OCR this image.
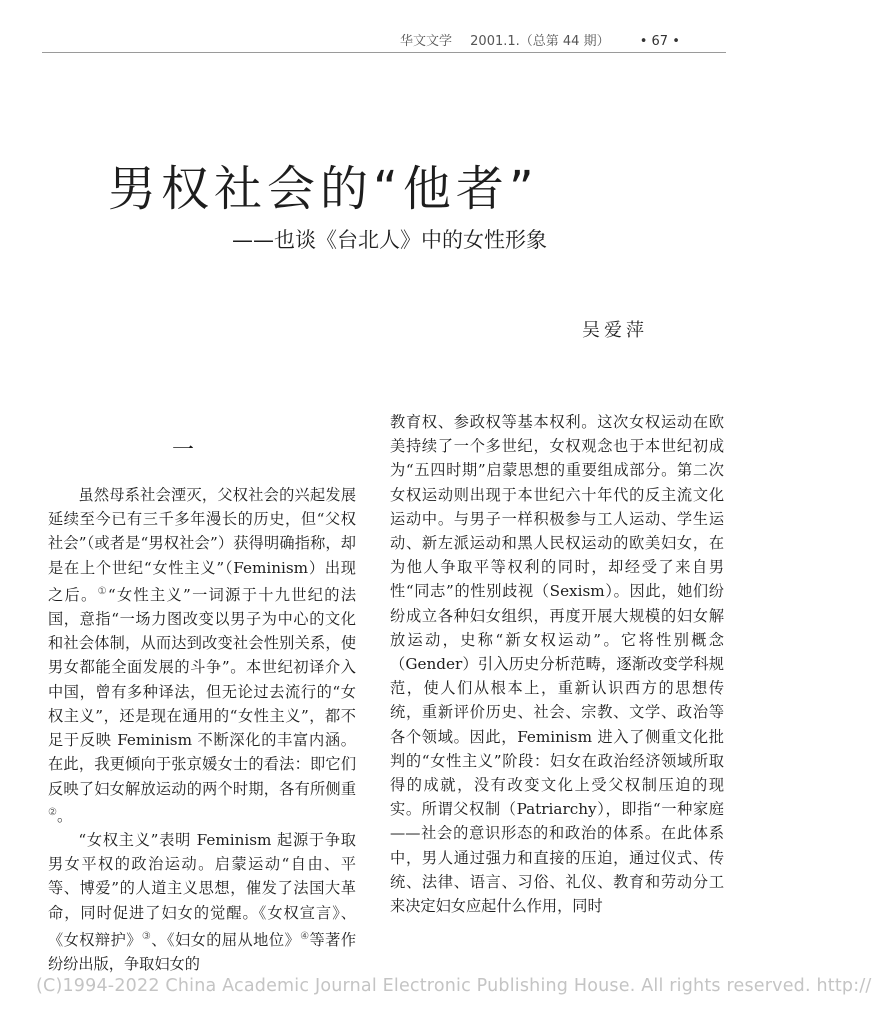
华文文学 2001.1.（总第 44 期） • 67 •
男权社会的“他者”
——也谈《台北人》中的女性形象
吴爱萍
一

虽然母系社会湮灭，父权社会的兴起发展延续至今已有三千多年漫长的历史，但“父权社会”（或者是“男权社会”）获得明确指称，却是在上个世纪“女性主义”（Feminism）出现之后。①“女性主义”一词源于十九世纪的法国，意指“一场力图改变以男子为中心的文化和社会体制，从而达到改变社会性别关系，使男女都能全面发展的斗争”。本世纪初译介入中国，曾有多种译法，但无论过去流行的“女权主义”，还是现在通用的“女性主义”，都不足于反映 Feminism 不断深化的丰富内涵。在此，我更倾向于张京媛女士的看法：即它们反映了妇女解放运动的两个时期，各有所侧重②。

“女权主义”表明 Feminism 起源于争取男女平权的政治运动。启蒙运动“自由、平等、博爱”的人道主义思想，催发了法国大革命，同时促进了妇女的觉醒。《女权宣言》、《女权辩护》③、《妇女的屈从地位》④等著作纷纷出版，争取妇女的

教育权、参政权等基本权利。这次女权运动在欧美持续了一个多世纪，女权观念也于本世纪初成为“五四时期”启蒙思想的重要组成部分。第二次女权运动则出现于本世纪六十年代的反主流文化运动中。与男子一样积极参与工人运动、学生运动、新左派运动和黑人民权运动的欧美妇女，在为他人争取平等权利的同时，却经受了来自男性“同志”的性别歧视（Sexism）。因此，她们纷纷成立各种妇女组织，再度开展大规模的妇女解放运动，史称“新女权运动”。它将性别概念（Gender）引入历史分析范畴，逐渐改变学科规范，使人们从根本上，重新认识西方的思想传统，重新评价历史、社会、宗教、文学、政治等各个领域。因此，Feminism 进入了侧重文化批判的“女性主义”阶段：妇女在政治经济领域所取得的成就，没有改变文化上受父权制压迫的现实。所谓父权制（Patriarchy），即指“一种家庭——社会的意识形态的和政治的体系。在此体系中，男人通过强力和直接的压迫，通过仪式、传统、法律、语言、习俗、礼仪、教育和劳动分工来决定妇女应起什么作用，同时

(C)1994-2022 China Academic Journal Electronic Publishing House. All rights reserved. http://
